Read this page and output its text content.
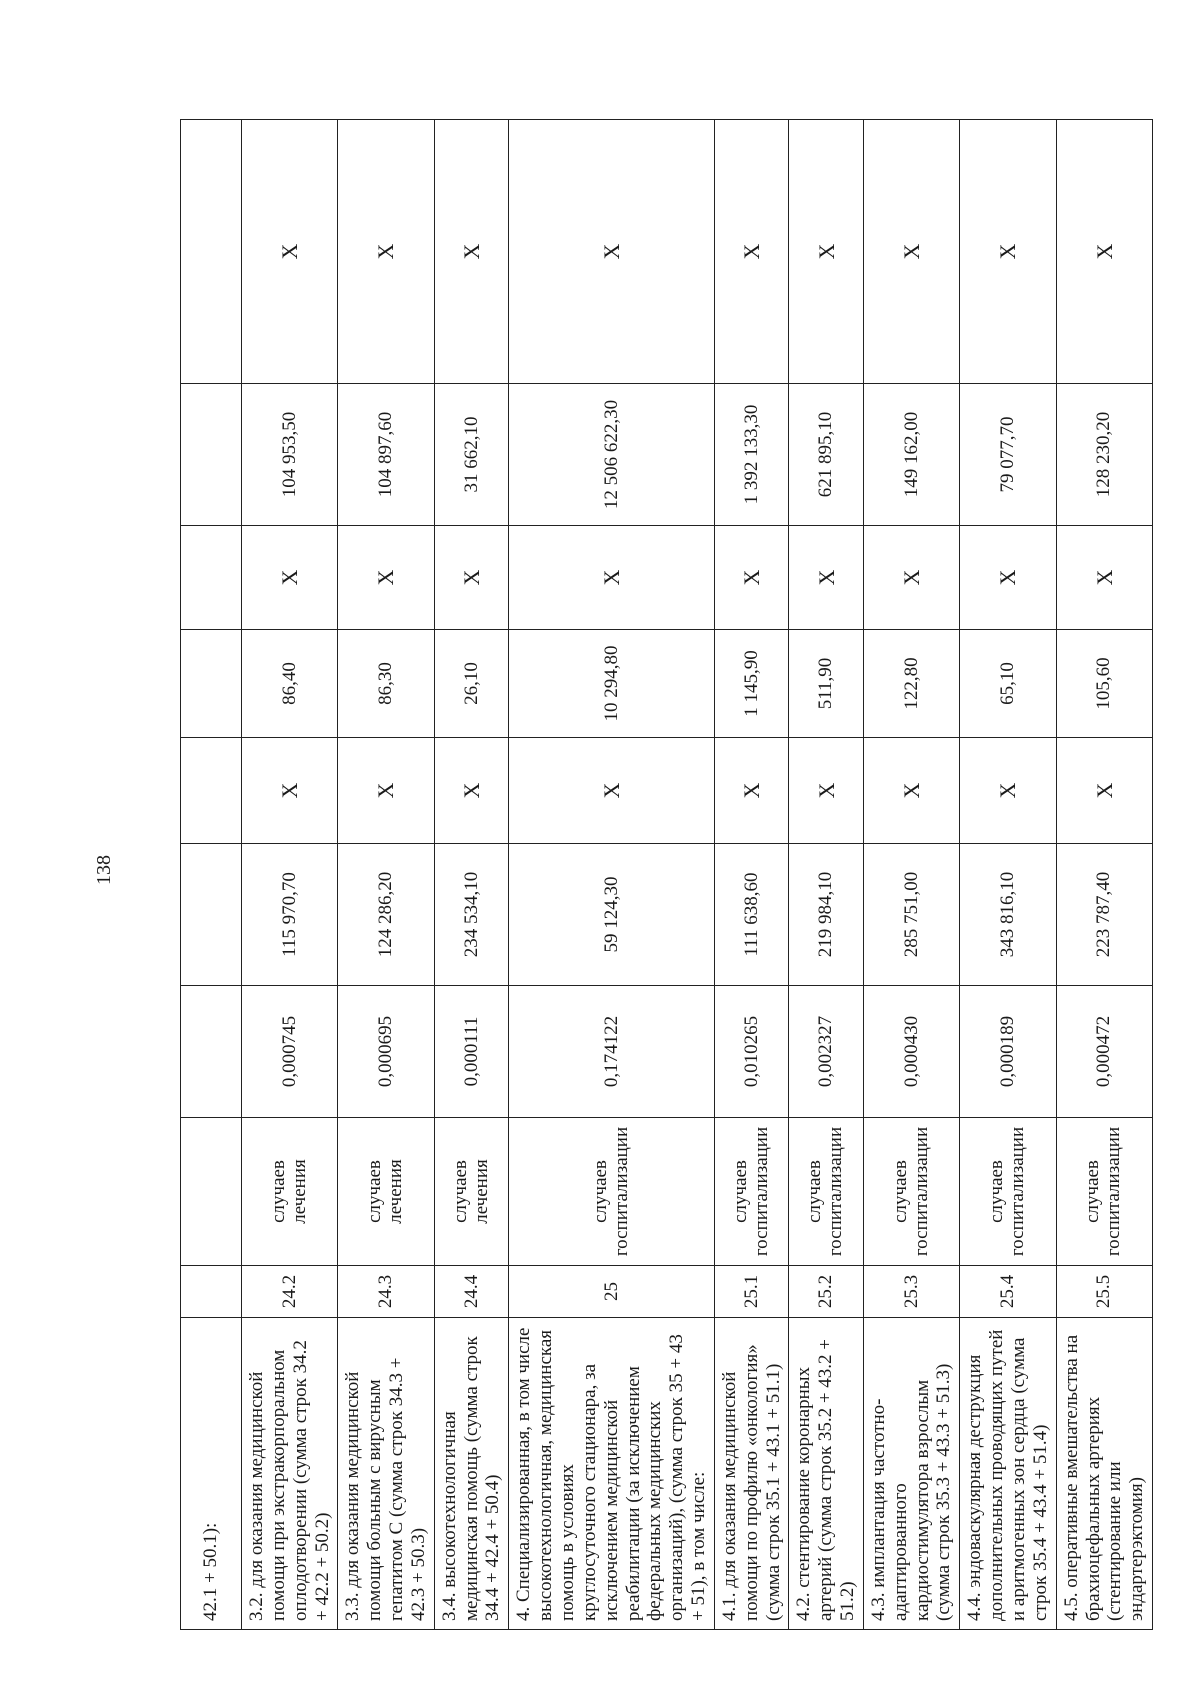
138
42.1 + 50.1):									
3.2. для оказания медицинской помощи при экстракорпоральном оплодотворении (сумма строк 34.2 + 42.2 + 50.2)	24.2	случаев лечения	0,000745	115 970,70	X	86,40	X	104 953,50	X
3.3. для оказания медицинской помощи больным с вирусным гепатитом С (сумма строк 34.3 + 42.3 + 50.3)	24.3	случаев лечения	0,000695	124 286,20	X	86,30	X	104 897,60	X
3.4. высокотехнологичная медицинская помощь (сумма строк 34.4 + 42.4 + 50.4)	24.4	случаев лечения	0,000111	234 534,10	X	26,10	X	31 662,10	X
4. Специализированная, в том числе высокотехнологичная, медицинская помощь в условиях круглосуточного стационара, за исключением медицинской реабилитации (за исключением федеральных медицинских организаций), (сумма строк 35 + 43 + 51), в том числе:	25	случаев госпитализации	0,174122	59 124,30	X	10 294,80	X	12 506 622,30	X
4.1. для оказания медицинской помощи по профилю «онкология» (сумма строк 35.1 + 43.1 + 51.1)	25.1	случаев госпитализации	0,010265	111 638,60	X	1 145,90	X	1 392 133,30	X
4.2. стентирование коронарных артерий (сумма строк 35.2 + 43.2 + 51.2)	25.2	случаев госпитализации	0,002327	219 984,10	X	511,90	X	621 895,10	X
4.3. имплантация частотно-адаптированного кардиостимулятора взрослым (сумма строк 35.3 + 43.3 + 51.3)	25.3	случаев госпитализации	0,000430	285 751,00	X	122,80	X	149 162,00	X
4.4. эндоваскулярная деструкция дополнительных проводящих путей и аритмогенных зон сердца (сумма строк 35.4 + 43.4 + 51.4)	25.4	случаев госпитализации	0,000189	343 816,10	X	65,10	X	79 077,70	X
4.5. оперативные вмешательства на брахиоцефальных артериях (стентирование или эндартерэктомия)	25.5	случаев госпитализации	0,000472	223 787,40	X	105,60	X	128 230,20	X
